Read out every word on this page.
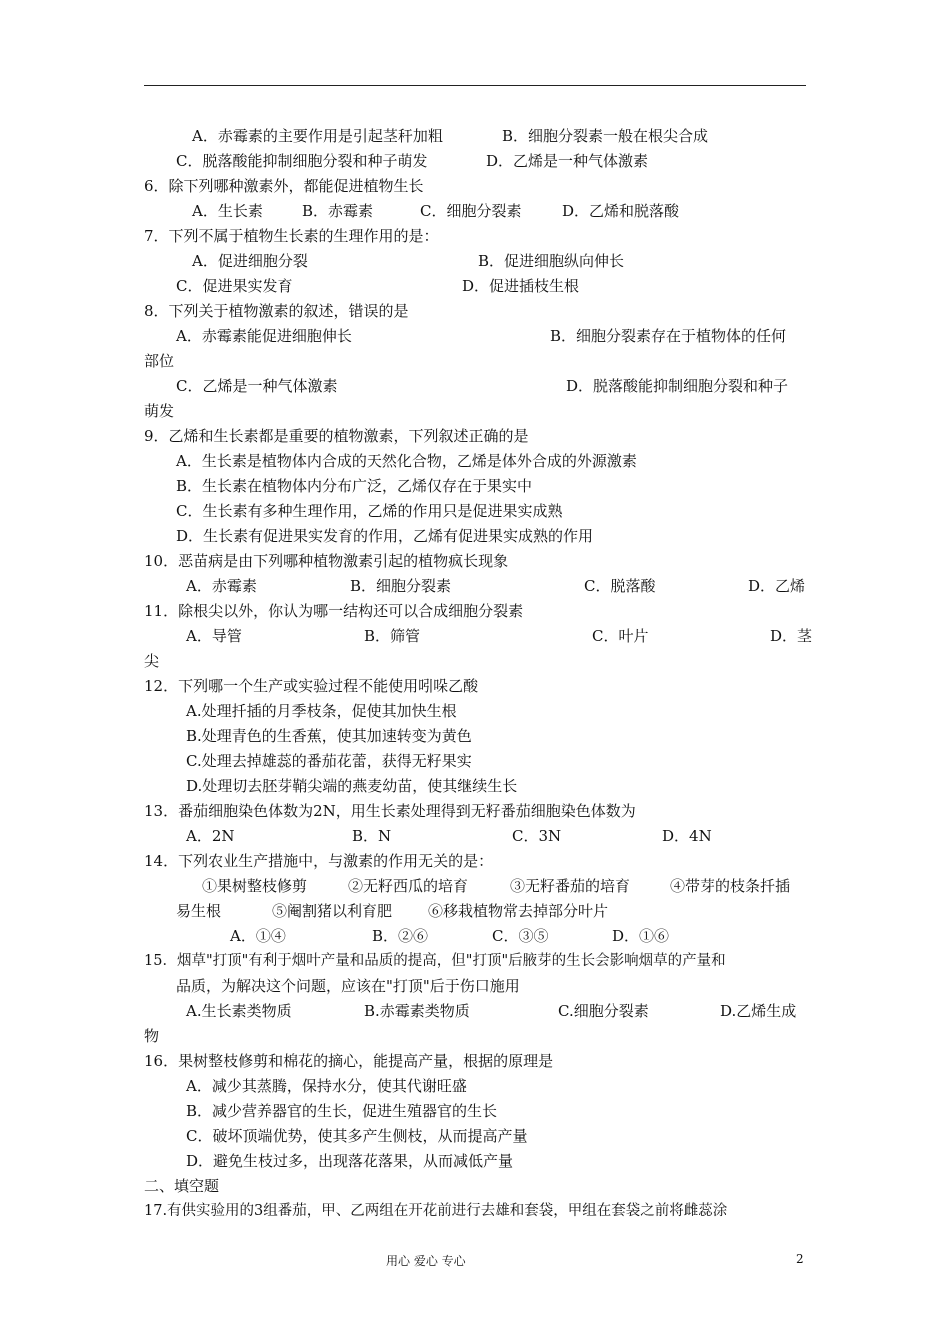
A．赤霉素的主要作用是引起茎秆加粗	B．细胞分裂素一般在根尖合成
C．脱落酸能抑制细胞分裂和种子萌发	D．乙烯是一种气体激素
6．除下列哪种激素外，都能促进植物生长
A．生长素	B．赤霉素	C．细胞分裂素	D．乙烯和脱落酸
7．下列不属于植物生长素的生理作用的是：
A．促进细胞分裂	B．促进细胞纵向伸长
C．促进果实发育	D．促进插枝生根
8．下列关于植物激素的叙述，错误的是
A．赤霉素能促进细胞伸长	B．细胞分裂素存在于植物体的任何
部位
C．乙烯是一种气体激素	D．脱落酸能抑制细胞分裂和种子
萌发
9．乙烯和生长素都是重要的植物激素，下列叙述正确的是
A．生长素是植物体内合成的天然化合物，乙烯是体外合成的外源激素
B．生长素在植物体内分布广泛，乙烯仅存在于果实中
C．生长素有多种生理作用，乙烯的作用只是促进果实成熟
D．生长素有促进果实发育的作用，乙烯有促进果实成熟的作用
10．恶苗病是由下列哪种植物激素引起的植物疯长现象
A．赤霉素	B．细胞分裂素	C．脱落酸	D．乙烯
11．除根尖以外，你认为哪一结构还可以合成细胞分裂素
A．导管	B．筛管	C．叶片	D．茎
尖
12．下列哪一个生产或实验过程不能使用吲哚乙酸
A.处理扦插的月季枝条，促使其加快生根
B.处理青色的生香蕉，使其加速转变为黄色
C.处理去掉雄蕊的番茄花蕾，获得无籽果实
D.处理切去胚芽鞘尖端的燕麦幼苗，使其继续生长
13．番茄细胞染色体数为2N，用生长素处理得到无籽番茄细胞染色体数为
A．2N	B．N	C．3N	D．4N
14．下列农业生产措施中，与激素的作用无关的是：
①果树整枝修剪	②无籽西瓜的培育	③无籽番茄的培育	④带芽的枝条扦插
易生根	⑤阉割猪以利育肥 ⑥移栽植物常去掉部分叶片
A．①④	B．②⑥	C．③⑤	D．①⑥
15．烟草"打顶"有利于烟叶产量和品质的提高，但"打顶"后腋芽的生长会影响烟草的产量和
品质，为解决这个问题，应该在"打顶"后于伤口施用
A.生长素类物质	B.赤霉素类物质	C.细胞分裂素	D.乙烯生成
物
16．果树整枝修剪和棉花的摘心，能提高产量，根据的原理是
A．减少其蒸腾，保持水分，使其代谢旺盛
B．减少营养器官的生长，促进生殖器官的生长
C．破坏顶端优势，使其多产生侧枝，从而提高产量
D．避免生枝过多，出现落花落果，从而减低产量
二、填空题
17.有供实验用的3组番茄，甲、乙两组在开花前进行去雄和套袋，甲组在套袋之前将雌蕊涂
用心 爱心 专心	2
